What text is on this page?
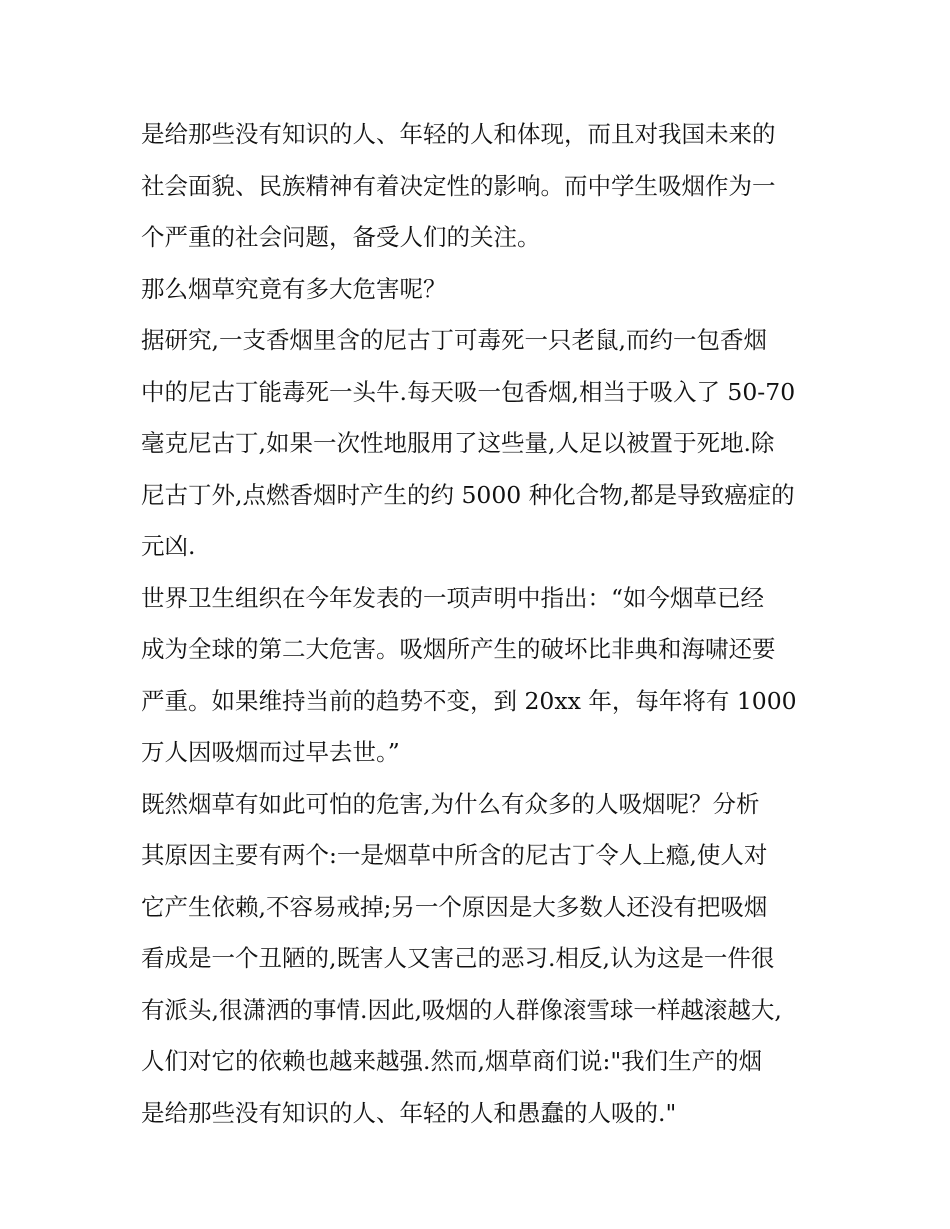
是给那些没有知识的人、年轻的人和体现，而且对我国未来的
社会面貌、民族精神有着决定性的影响。而中学生吸烟作为一
个严重的社会问题，备受人们的关注。
那么烟草究竟有多大危害呢？
据研究,一支香烟里含的尼古丁可毒死一只老鼠,而约一包香烟
中的尼古丁能毒死一头牛.每天吸一包香烟,相当于吸入了 50-70
毫克尼古丁,如果一次性地服用了这些量,人足以被置于死地.除
尼古丁外,点燃香烟时产生的约 5000 种化合物,都是导致癌症的
元凶.
世界卫生组织在今年发表的一项声明中指出：“如今烟草已经
成为全球的第二大危害。吸烟所产生的破坏比非典和海啸还要
严重。如果维持当前的趋势不变，到 20xx 年，每年将有 1000
万人因吸烟而过早去世。”
既然烟草有如此可怕的危害,为什么有众多的人吸烟呢？分析
其原因主要有两个:一是烟草中所含的尼古丁令人上瘾,使人对
它产生依赖,不容易戒掉;另一个原因是大多数人还没有把吸烟
看成是一个丑陋的,既害人又害己的恶习.相反,认为这是一件很
有派头,很潇洒的事情.因此,吸烟的人群像滚雪球一样越滚越大,
人们对它的依赖也越来越强.然而,烟草商们说:"我们生产的烟
是给那些没有知识的人、年轻的人和愚蠢的人吸的."
